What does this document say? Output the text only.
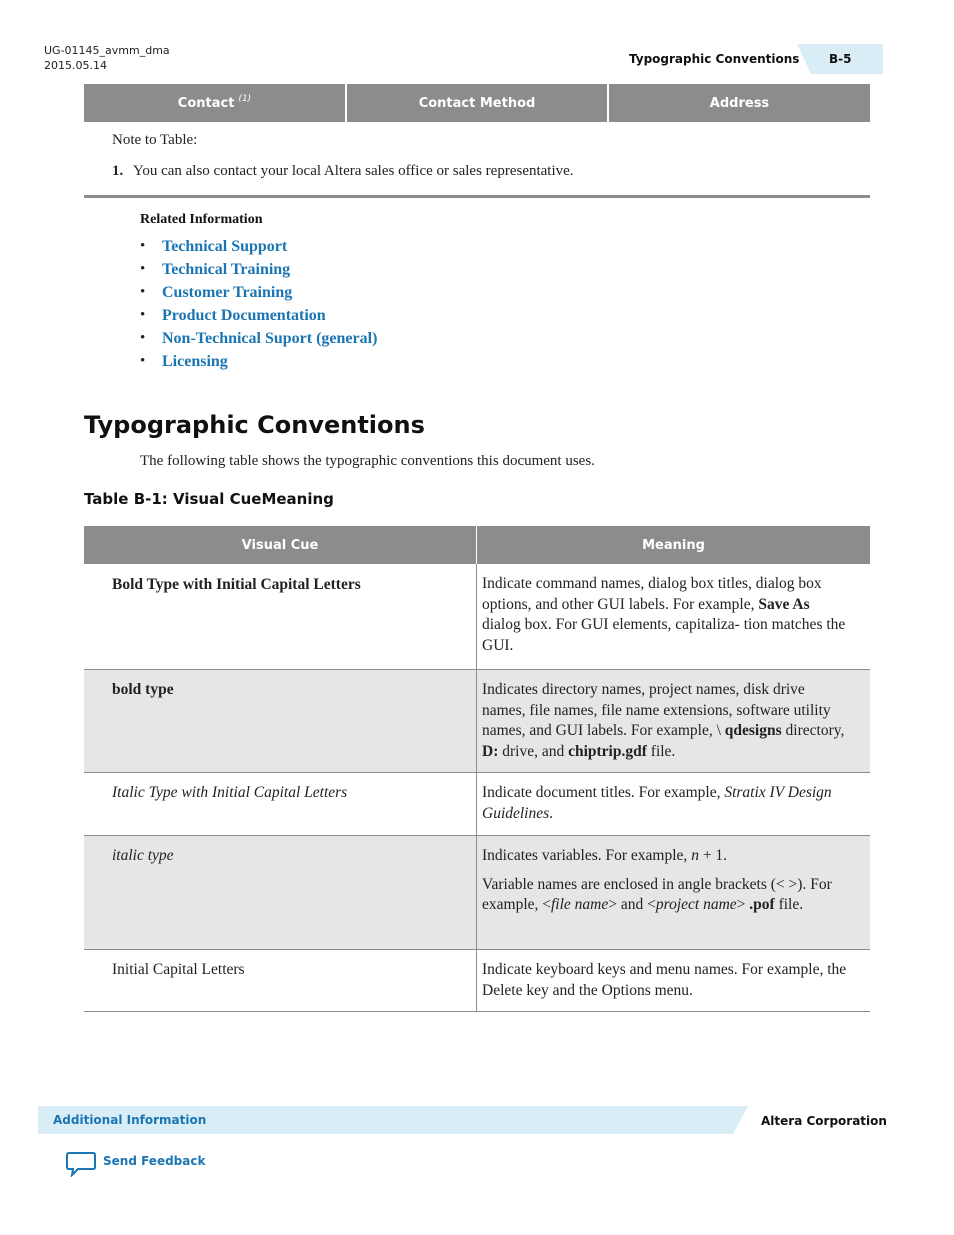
UG-01145_avmm_dma
2015.05.14	Typographic Conventions B-5
Contact $^{(1)}$	Contact Method	Address
Note to Table:
1. You can also contact your local Altera sales office or sales representative.
Related Information
• Technical Support
• Technical Training
• Customer Training
• Product Documentation
• Non-Technical Suport (general)
• Licensing
Typographic Conventions
The following table shows the typographic conventions this document uses.
Table B-1: Visual CueMeaning
Visual Cue	Meaning
Bold Type with Initial Capital Letters	Indicate command names, dialog box titles, dialog box options, and other GUI labels. For example, Save As dialog box. For GUI elements, capitaliza- tion matches the GUI.
bold type	Indicates directory names, project names, disk drive names, file names, file name extensions, software utility names, and GUI labels. For example, \ qdesigns directory, D: drive, and chiptrip.gdf file.
Italic Type with Initial Capital Letters	Indicate document titles. For example, Stratix IV Design Guidelines.
italic type	Indicates variables. For example, n + 1.

Variable names are enclosed in angle brackets (< >). For example, <file name> and <project name> .pof file.

Initial Capital Letters	Indicate keyboard keys and menu names. For example, the Delete key and the Options menu.
Additional Information	Altera Corporation
Send Feedback
